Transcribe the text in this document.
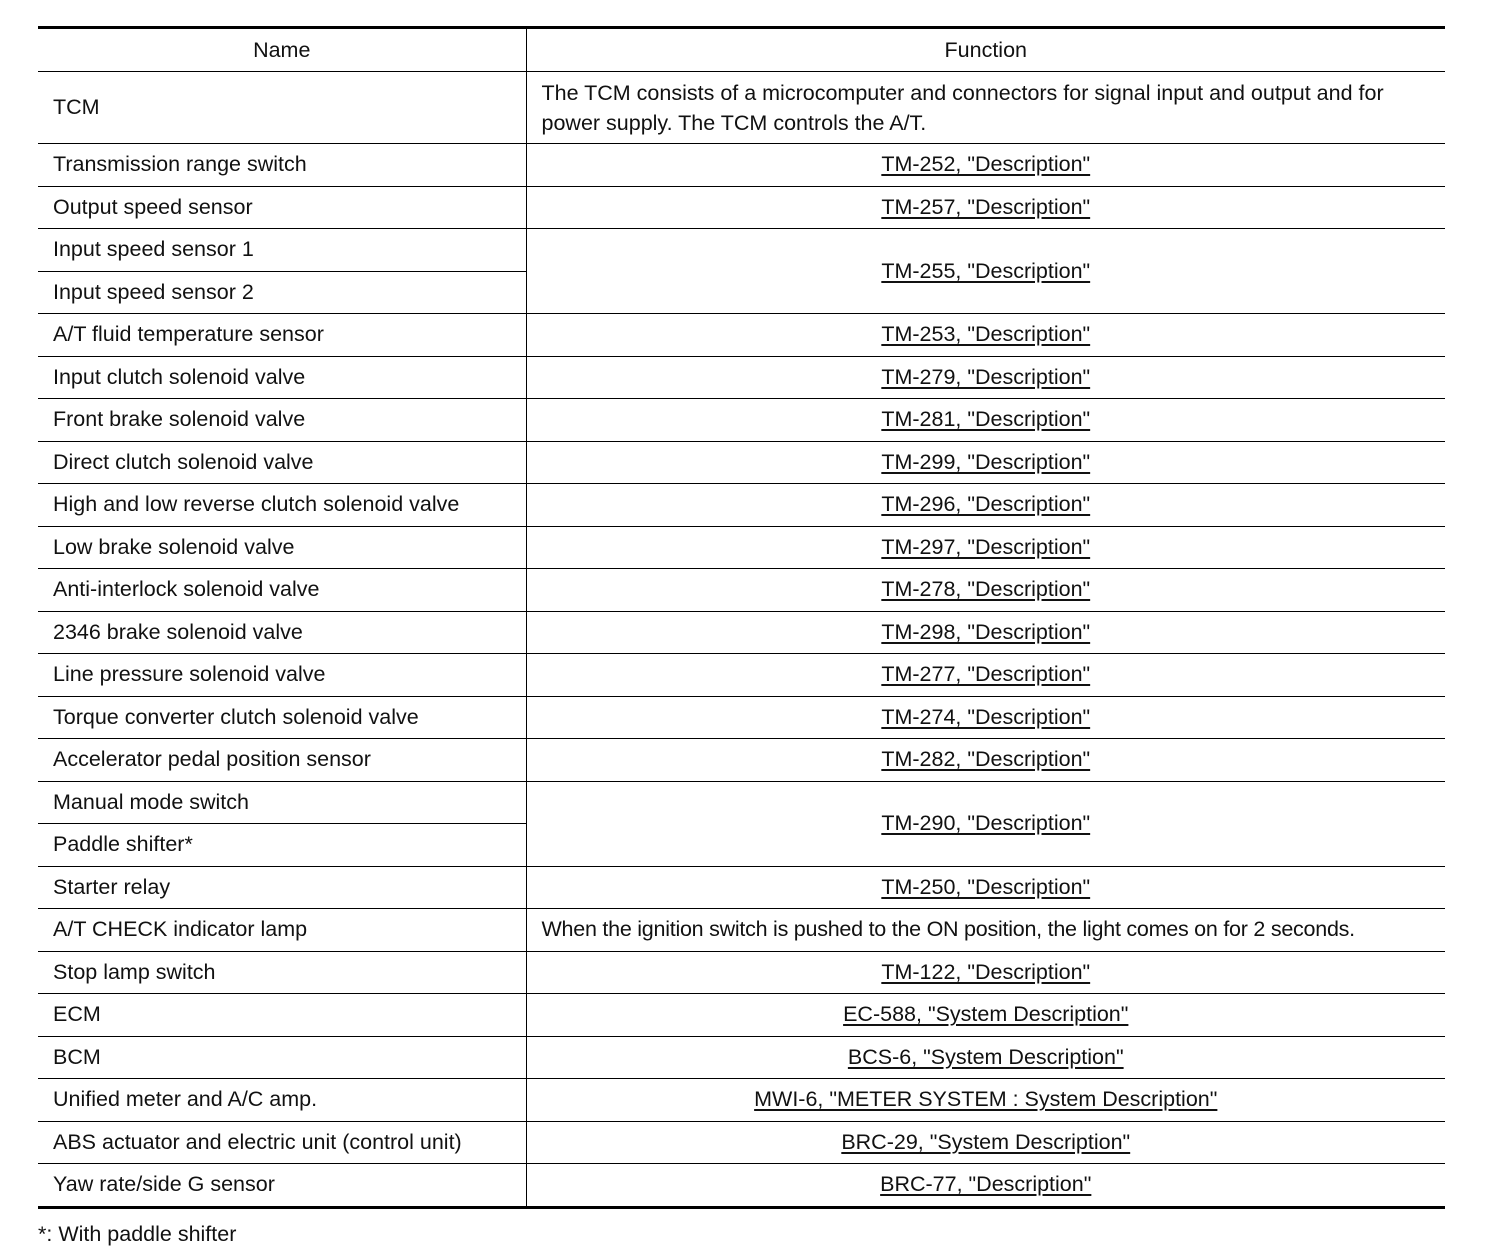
Name	Function
TCM	The TCM consists of a microcomputer and connectors for signal input and output and for power supply. The TCM controls the A/T.
Transmission range switch	TM-252, "Description"
Output speed sensor	TM-257, "Description"
Input speed sensor 1	TM-255, "Description"
Input speed sensor 2	
A/T fluid temperature sensor	TM-253, "Description"
Input clutch solenoid valve	TM-279, "Description"
Front brake solenoid valve	TM-281, "Description"
Direct clutch solenoid valve	TM-299, "Description"
High and low reverse clutch solenoid valve	TM-296, "Description"
Low brake solenoid valve	TM-297, "Description"
Anti-interlock solenoid valve	TM-278, "Description"
2346 brake solenoid valve	TM-298, "Description"
Line pressure solenoid valve	TM-277, "Description"
Torque converter clutch solenoid valve	TM-274, "Description"
Accelerator pedal position sensor	TM-282, "Description"
Manual mode switch	TM-290, "Description"
Paddle shifter*	
Starter relay	TM-250, "Description"
A/T CHECK indicator lamp	When the ignition switch is pushed to the ON position, the light comes on for 2 seconds.
Stop lamp switch	TM-122, "Description"
ECM	EC-588, "System Description"
BCM	BCS-6, "System Description"
Unified meter and A/C amp.	MWI-6, "METER SYSTEM : System Description"
ABS actuator and electric unit (control unit)	BRC-29, "System Description"
Yaw rate/side G sensor	BRC-77, "Description"
*: With paddle shifter
